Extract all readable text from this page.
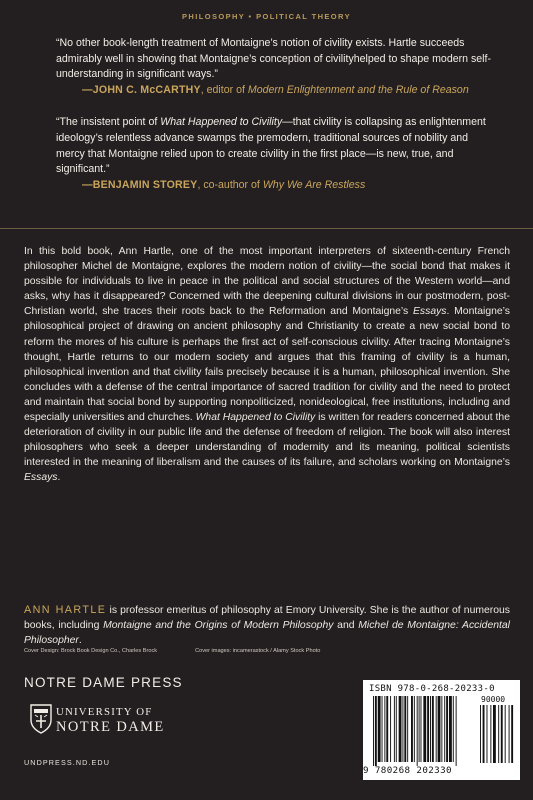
PHILOSOPHY • POLITICAL THEORY

“No other book-length treatment of Montaigne’s notion of civility exists. Hartle succeeds admirably well in showing that Montaigne’s conception of civilityhelped to shape modern self-understanding in significant ways.”

—JOHN C. McCARTHY, editor of Modern Enlightenment and the Rule of Reason

“The insistent point of What Happened to Civility—that civility is collapsing as enlightenment ideology’s relentless advance swamps the premodern, traditional sources of nobility and mercy that Montaigne relied upon to create civility in the first place—is new, true, and significant.”

—BENJAMIN STOREY, co-author of Why We Are Restless

In this bold book, Ann Hartle, one of the most important interpreters of sixteenth-century French philosopher Michel de Montaigne, explores the modern notion of civility—the social bond that makes it possible for individuals to live in peace in the political and social structures of the Western world—and asks, why has it disappeared? Concerned with the deepening cultural divisions in our postmodern, post-Christian world, she traces their roots back to the Reformation and Montaigne’s Essays. Montaigne’s philosophical project of drawing on ancient philosophy and Christianity to create a new social bond to reform the mores of his culture is perhaps the first act of self-conscious civility. After tracing Montaigne’s thought, Hartle returns to our modern society and argues that this framing of civility is a human, philosophical invention and that civility fails precisely because it is a human, philosophical invention. She concludes with a defense of the central importance of sacred tradition for civility and the need to protect and maintain that social bond by supporting nonpoliticized, nonideological, free institutions, including and especially universities and churches. What Happened to Civility is written for readers concerned about the deterioration of civility in our public life and the defense of freedom of religion. The book will also interest philosophers who seek a deeper understanding of modernity and its meaning, political scientists interested in the meaning of liberalism and the causes of its failure, and scholars working on Montaigne’s Essays.

ANN HARTLE is professor emeritus of philosophy at Emory University. She is the author of numerous books, including Montaigne and the Origins of Modern Philosophy and Michel de Montaigne: Accidental Philosopher.

Cover Design: Brock Book Design Co., Charles Brock	Cover images: incamerastock / Alamy Stock Photo
NOTRE DAME PRESS
UNIVERSITY OF
NOTRE DAME
UNDPRESS.ND.EDU
ISBN 978-0-268-20233-0
90000
9 780268 202330
